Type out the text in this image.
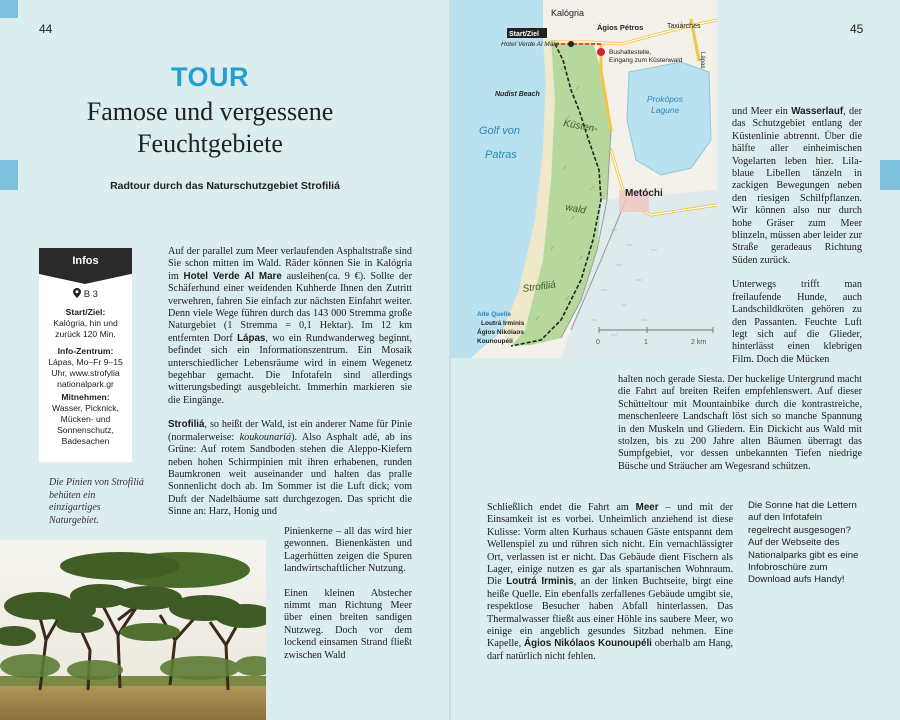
44	45
TOUR
Famose und vergessene
Feuchtgebiete
Radtour durch das Naturschutzgebiet Strofiliá
Infos
B 3
Start/Ziel:
Kalógria, hin und zurück 120 Min.
Info-Zentrum:
Lápas, Mo–Fr 9–15 Uhr, www.strofylia nationalpark.gr
Mitnehmen:
Wasser, Picknick, Mücken- und Sonnenschutz, Badesachen
Die Pinien von Strofiliá behüten ein einzigartiges Naturgebiet.

Auf der parallel zum Meer verlaufenden Asphaltstraße sind Sie schon mitten im Wald. Räder können Sie in Kalógria im Hotel Verde Al Mare ausleihen(ca. 9 €). Sollte der Schäferhund einer weidenden Kuhherde Ihnen den Zutritt verwehren, fahren Sie einfach zur nächsten Einfahrt weiter. Denn viele Wege führen durch das 143 000 Stremma große Naturgebiet (1 Stremma = 0,1 Hektar). Im 12 km entfernten Dorf Lápas, wo ein Rundwanderweg beginnt, befindet sich ein Informationszentrum. Ein Mosaik unterschiedlicher Lebensräume wird in einem Wegenetz begehbar gemacht. Die Infotafeln sind allerdings witterungsbedingt ausgebleicht. Immerhin markieren sie die Eingänge.

Strofiliá, so heißt der Wald, ist ein anderer Name für Pinie (normalerweise: koukounariá). Also Asphalt adé, ab ins Grüne: Auf rotem Sandboden stehen die Aleppo-Kiefern neben hohen Schirmpinien mit ihren erhabenen, runden Baumkronen weit auseinander und halten das pralle Sonnenlicht doch ab. Im Sommer ist die Luft dick; vom Duft der Nadelbäume satt durchgezogen. Das spricht die Sinne an: Harz, Honig und

Pinienkerne – all das wird hier gewonnen. Bienenkästen und Lagerhütten zeigen die Spuren landwirtschaftlicher Nutzung.

Einen kleinen Abstecher nimmt man Richtung Meer über einen breiten sandigen Nutzweg. Doch vor dem lockend einsamen Strand fließt zwischen Wald

Kalógria
Ágios Pétros	Taxiárches
Start/Ziel
Hotel Verde Al Mare
Bushaltestelle,
Eingang zum Küstenwald	Lápas
Nudist Beach
Golf von
Patras
Küsten-
wald
Prokópos
Lagune
Metóchi
Strofiliá
Alte Quelle
Loutrá Irminis
Ágios Nikólaos
Kounoupéli	0	1	2 km

und Meer ein Wasserlauf, der das Schutzgebiet entlang der Küstenlinie abtrennt. Über die hälfte aller einheimischen Vogelarten leben hier. Lila-blaue Libellen tänzeln in zackigen Bewegungen neben den riesigen Schilfpflanzen. Wir können also nur durch hohe Gräser zum Meer blinzeln, müssen aber leider zur Straße geradeaus Richtung Süden zurück.

Unterwegs trifft man freilaufende Hunde, auch Landschildkröten gehören zu den Passanten. Feuchte Luft legt sich auf die Glieder, hinterlässt einen klebrigen Film. Doch die Mücken

halten noch gerade Siesta. Der huckelige Untergrund macht die Fahrt auf breiten Reifen empfehlenswert. Auf dieser Schütteltour mit Mountainbike durch die kontrastreiche, menschenleere Landschaft löst sich so manche Spannung in den Muskeln und Gliedern. Ein Dickicht aus Wald mit stolzen, bis zu 200 Jahre alten Bäumen überragt das Sumpfgebiet, vor dessen unbekannten Tiefen niedrige Büsche und Sträucher am Wegesrand schützen.

Schließlich endet die Fahrt am Meer – und mit der Einsamkeit ist es vorbei. Unheimlich anziehend ist diese Kulisse: Vorm alten Kurhaus schauen Gäste entspannt dem Wellenspiel zu und rühren sich nicht. Ein vernachlässigter Ort, verlassen ist er nicht. Das Gebäude dient Fischern als Lager, einige nutzen es gar als spartanischen Wohnraum. Die Loutrá Irminis, an der linken Buchtseite, birgt eine heiße Quelle. Ein ebenfalls zerfallenes Gebäude umgibt sie, respektlose Besucher haben Abfall hinterlassen. Das Thermalwasser fließt aus einer Höhle ins saubere Meer, wo einige ein angeblich gesundes Sitzbad nehmen. Eine Kapelle, Ágios Nikólaos Kounoupéli oberhalb am Hang, darf natürlich nicht fehlen.

Die Sonne hat die Lettern auf den Infotafeln regelrecht ausgesogen? Auf der Webseite des Nationalparks gibt es eine Infobroschüre zum Download aufs Handy!
